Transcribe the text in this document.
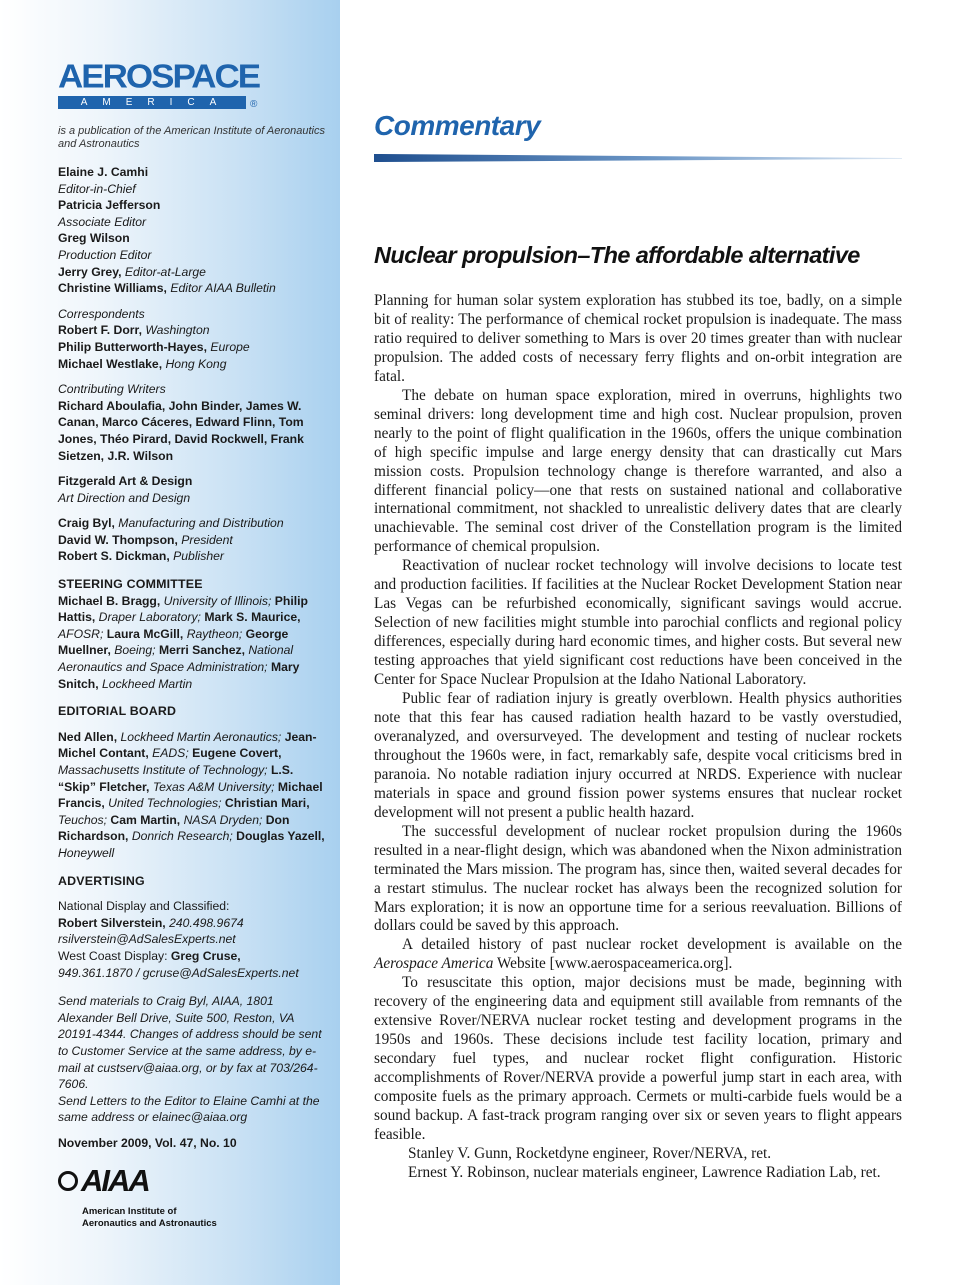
AEROSPACE
AMERICA	®
is a publication of the American Institute of Aeronautics and Astronautics
Elaine J. Camhi
Editor-in-Chief
Patricia Jefferson
Associate Editor
Greg Wilson
Production Editor
Jerry Grey, Editor-at-Large
Christine Williams, Editor AIAA Bulletin
Correspondents
Robert F. Dorr, Washington
Philip Butterworth-Hayes, Europe
Michael Westlake, Hong Kong
Contributing Writers
Richard Aboulafia, John Binder, James W. Canan, Marco Cáceres, Edward Flinn, Tom Jones, Théo Pirard, David Rockwell, Frank Sietzen, J.R. Wilson
Fitzgerald Art & Design
Art Direction and Design
Craig Byl, Manufacturing and Distribution
David W. Thompson, President
Robert S. Dickman, Publisher
STEERING COMMITTEE
Michael B. Bragg, University of Illinois; Philip Hattis, Draper Laboratory; Mark S. Maurice, AFOSR; Laura McGill, Raytheon; George Muellner, Boeing; Merri Sanchez, National Aeronautics and Space Administration; Mary Snitch, Lockheed Martin
EDITORIAL BOARD
Ned Allen, Lockheed Martin Aeronautics; Jean-Michel Contant, EADS; Eugene Covert, Massachusetts Institute of Technology; L.S. “Skip” Fletcher, Texas A&M University; Michael Francis, United Technologies; Christian Mari, Teuchos; Cam Martin, NASA Dryden; Don Richardson, Donrich Research; Douglas Yazell, Honeywell
ADVERTISING
National Display and Classified:
Robert Silverstein, 240.498.9674
rsilverstein@AdSalesExperts.net
West Coast Display: Greg Cruse,
949.361.1870 / gcruse@AdSalesExperts.net
Send materials to Craig Byl, AIAA, 1801 Alexander Bell Drive, Suite 500, Reston, VA 20191-4344. Changes of address should be sent to Customer Service at the same address, by e-mail at custserv@aiaa.org, or by fax at 703/264-7606.
Send Letters to the Editor to Elaine Camhi at the same address or elainec@aiaa.org
November 2009, Vol. 47, No. 10
AIAA
American Institute of
Aeronautics and Astronautics
Commentary
Nuclear propulsion–The affordable alternative

Planning for human solar system exploration has stubbed its toe, badly, on a simple bit of reality: The performance of chemical rocket propulsion is inadequate. The mass ratio required to deliver something to Mars is over 20 times greater than with nuclear propulsion. The added costs of necessary ferry flights and on-orbit integration are fatal.

The debate on human space exploration, mired in overruns, highlights two seminal drivers: long development time and high cost. Nuclear propulsion, proven nearly to the point of flight qualification in the 1960s, offers the unique combination of high specific impulse and large energy density that can drastically cut Mars mission costs. Propulsion technology change is therefore warranted, and also a different financial policy—one that rests on sustained national and collaborative international commitment, not shackled to unrealistic delivery dates that are clearly unachievable. The seminal cost driver of the Constellation program is the limited performance of chemical propulsion.

Reactivation of nuclear rocket technology will involve decisions to locate test and production facilities. If facilities at the Nuclear Rocket Development Station near Las Vegas can be refurbished economically, significant savings would accrue. Selection of new facilities might stumble into parochial conflicts and regional policy differences, especially during hard economic times, and higher costs. But several new testing approaches that yield significant cost reductions have been conceived in the Center for Space Nuclear Propulsion at the Idaho National Laboratory.

Public fear of radiation injury is greatly overblown. Health physics authorities note that this fear has caused radiation health hazard to be vastly overstudied, overanalyzed, and oversurveyed. The development and testing of nuclear rockets throughout the 1960s were, in fact, remarkably safe, despite vocal criticisms bred in paranoia. No notable radiation injury occurred at NRDS. Experience with nuclear materials in space and ground fission power systems ensures that nuclear rocket development will not present a public health hazard.

The successful development of nuclear rocket propulsion during the 1960s resulted in a near-flight design, which was abandoned when the Nixon administration terminated the Mars mission. The program has, since then, waited several decades for a restart stimulus. The nuclear rocket has always been the recognized solution for Mars exploration; it is now an opportune time for a serious reevaluation. Billions of dollars could be saved by this approach.

A detailed history of past nuclear rocket development is available on the Aerospace America Website [www.aerospaceamerica.org].

To resuscitate this option, major decisions must be made, beginning with recovery of the engineering data and equipment still available from remnants of the extensive Rover/NERVA nuclear rocket testing and development programs in the 1950s and 1960s. These decisions include test facility location, primary and secondary fuel types, and nuclear rocket flight configuration. Historic accomplishments of Rover/NERVA provide a powerful jump start in each area, with composite fuels as the primary approach. Cermets or multi-carbide fuels would be a sound backup. A fast-track program ranging over six or seven years to flight appears feasible.

Stanley V. Gunn, Rocketdyne engineer, Rover/NERVA, ret.

Ernest Y. Robinson, nuclear materials engineer, Lawrence Radiation Lab, ret.
